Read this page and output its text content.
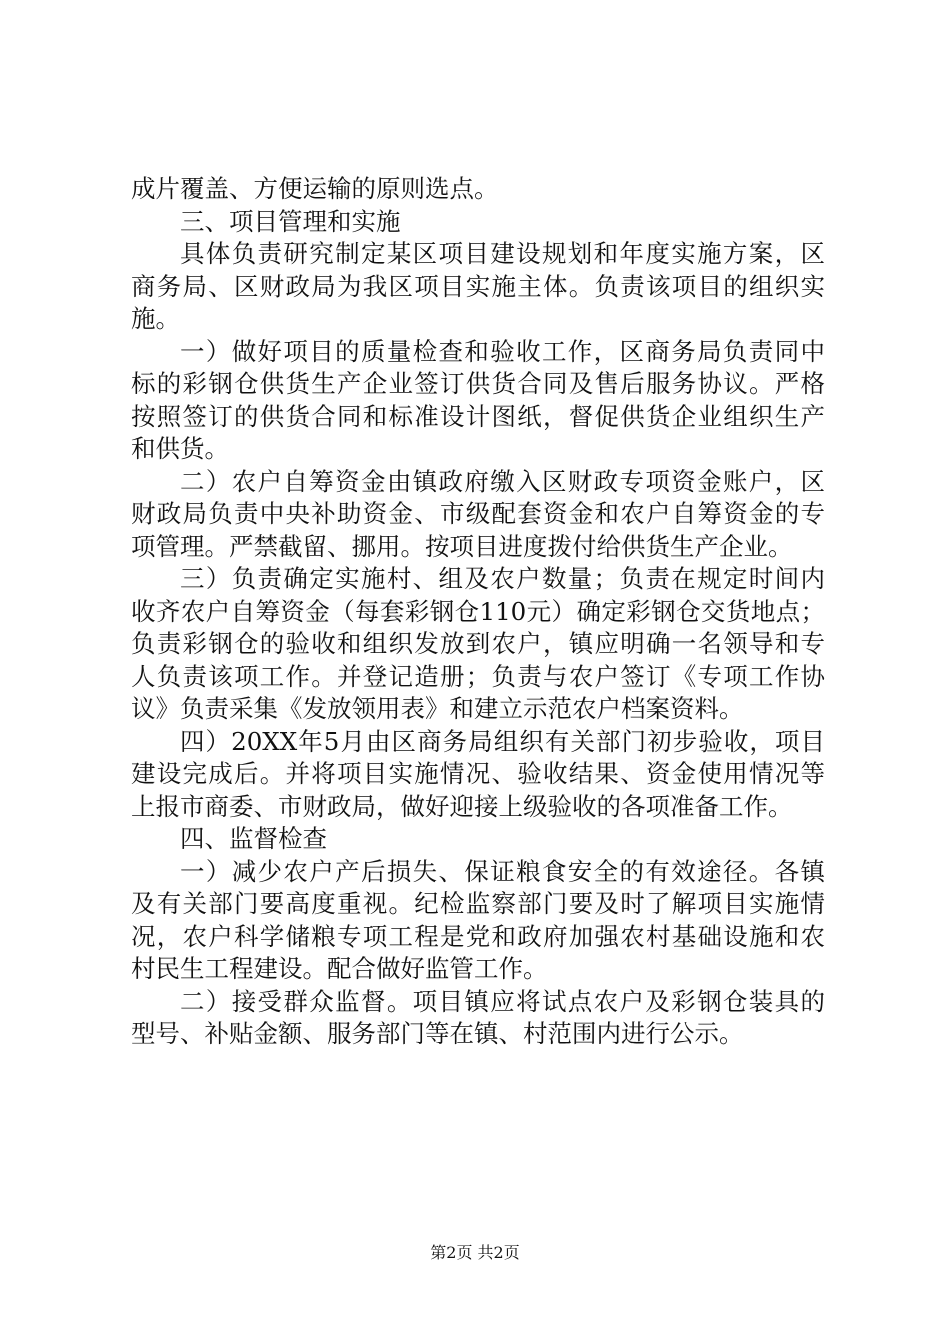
成片覆盖、方便运输的原则选点。
三、项目管理和实施
具体负责研究制定某区项目建设规划和年度实施方案，区
商务局、区财政局为我区项目实施主体。负责该项目的组织实
施。
一）做好项目的质量检查和验收工作，区商务局负责同中
标的彩钢仓供货生产企业签订供货合同及售后服务协议。严格
按照签订的供货合同和标准设计图纸，督促供货企业组织生产
和供货。
二）农户自筹资金由镇政府缴入区财政专项资金账户，区
财政局负责中央补助资金、市级配套资金和农户自筹资金的专
项管理。严禁截留、挪用。按项目进度拨付给供货生产企业。
三）负责确定实施村、组及农户数量；负责在规定时间内
收齐农户自筹资金（每套彩钢仓110元）确定彩钢仓交货地点；
负责彩钢仓的验收和组织发放到农户，镇应明确一名领导和专
人负责该项工作。并登记造册；负责与农户签订《专项工作协
议》负责采集《发放领用表》和建立示范农户档案资料。
四）20XX年5月由区商务局组织有关部门初步验收，项目
建设完成后。并将项目实施情况、验收结果、资金使用情况等
上报市商委、市财政局，做好迎接上级验收的各项准备工作。
四、监督检查
一）减少农户产后损失、保证粮食安全的有效途径。各镇
及有关部门要高度重视。纪检监察部门要及时了解项目实施情
况，农户科学储粮专项工程是党和政府加强农村基础设施和农
村民生工程建设。配合做好监管工作。
二）接受群众监督。项目镇应将试点农户及彩钢仓装具的
型号、补贴金额、服务部门等在镇、村范围内进行公示。
第2页 共2页
